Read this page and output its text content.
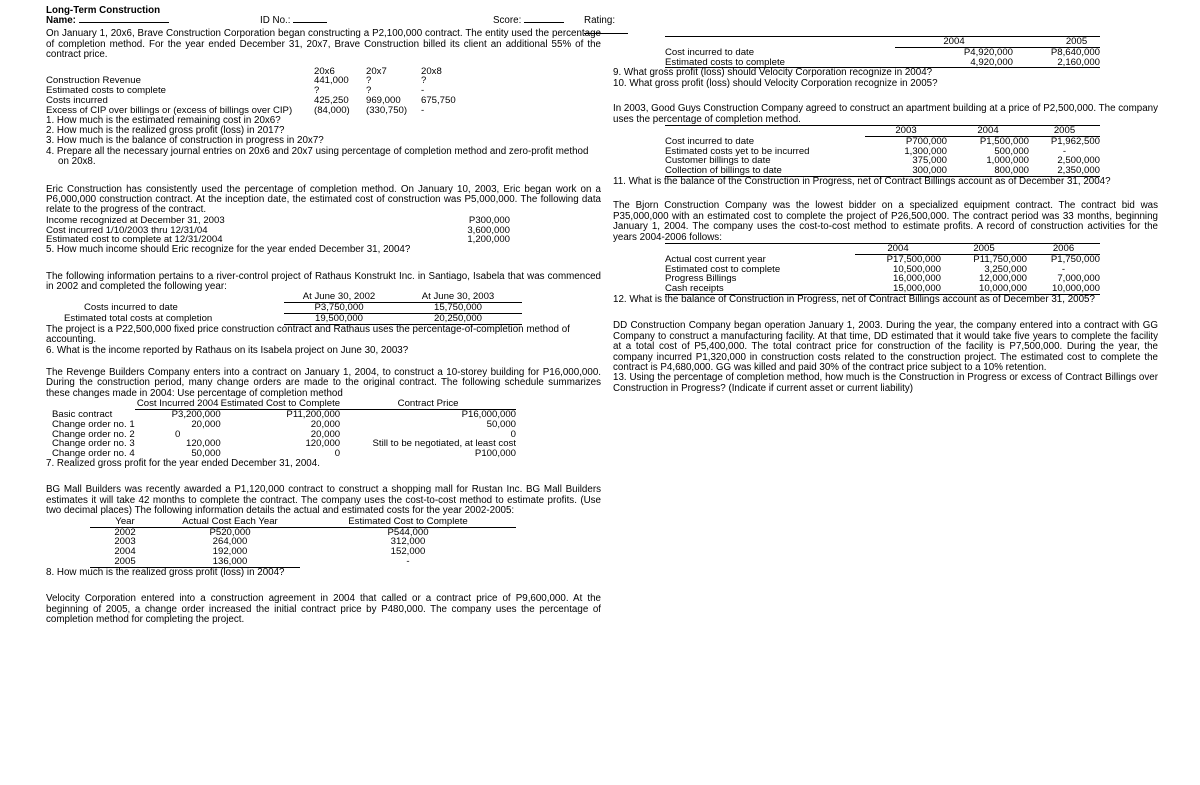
Long-Term Construction
Name:	ID No.:	Score:	Rating:

On January 1, 20x6, Brave Construction Corporation began constructing a P2,100,000 contract. The entity used the percentage of completion method. For the year ended December 31, 20x7, Brave Construction billed its client an additional 55% of the contract price.

	20x6	20x7	20x8
Construction Revenue	441,000	?	?
Estimated costs to complete	?	?	-
Costs incurred	425,250	969,000	675,750
Excess of CIP over billings or (excess of billings over CIP)	(84,000)	(330,750)	-

1. How much is the estimated remaining cost in 20x6?

2. How much is the realized gross profit (loss) in 2017?

3. How much is the balance of construction in progress in 20x7?

4. Prepare all the necessary journal entries on 20x6 and 20x7 using percentage of completion method and zero-profit method

on 20x8.

Eric Construction has consistently used the percentage of completion method. On January 10, 2003, Eric began work on a P6,000,000 construction contract. At the inception date, the estimated cost of construction was P5,000,000. The following data relate to the progress of the contract.

Income recognized at December 31, 2003	P300,000
Cost incurred 1/10/2003 thru 12/31/04	3,600,000
Estimated cost to complete at 12/31/2004	1,200,000

5. How much income should Eric recognize for the year ended December 31, 2004?

The following information pertains to a river-control project of Rathaus Konstrukt Inc. in Santiago, Isabela that was commenced in 2002 and completed the following year:

	At June 30, 2002	At June 30, 2003
Costs incurred to date	P3,750,000	15,750,000
Estimated total costs at completion	19,500,000	20,250,000

The project is a P22,500,000 fixed price construction contract and Rathaus uses the percentage-of-completion method of accounting.

6. What is the income reported by Rathaus on its Isabela project on June 30, 2003?

The Revenge Builders Company enters into a contract on January 1, 2004, to construct a 10-storey building for P16,000,000. During the construction period, many change orders are made to the original contract. The following schedule summarizes these changes made in 2004: Use percentage of completion method

	Cost Incurred 2004	Estimated Cost to Complete	Contract Price
Basic contract	P3,200,000	P11,200,000	P16,000,000
Change order no. 1	20,000	20,000	50,000
Change order no. 2	0	20,000	0
Change order no. 3	120,000	120,000	Still to be negotiated, at least cost
Change order no. 4	50,000	0	P100,000

7. Realized gross profit for the year ended December 31, 2004.

BG Mall Builders was recently awarded a P1,120,000 contract to construct a shopping mall for Rustan Inc. BG Mall Builders estimates it will take 42 months to complete the contract. The company uses the cost-to-cost method to estimate profits. (Use two decimal places) The following information details the actual and estimated costs for the year 2002-2005:

Year	Actual Cost Each Year	Estimated Cost to Complete
2002	P520,000	P544,000
2003	264,000	312,000
2004	192,000	152,000
2005	136,000	-

8. How much is the realized gross profit (loss) in 2004?

Velocity Corporation entered into a construction agreement in 2004 that called or a contract price of P9,600,000. At the beginning of 2005, a change order increased the initial contract price by P480,000. The company uses the percentage of completion method for completing the project.

	2004	2005
Cost incurred to date	P4,920,000	P8,640,000
Estimated costs to complete	4,920,000	2,160,000

9. What gross profit (loss) should Velocity Corporation recognize in 2004?

10. What gross profit (loss) should Velocity Corporation recognize in 2005?

In 2003, Good Guys Construction Company agreed to construct an apartment building at a price of P2,500,000. The company uses the percentage of completion method.

	2003	2004	2005
Cost incurred to date	P700,000	P1,500,000	P1,962,500
Estimated costs yet to be incurred	1,300,000	500,000	-
Customer billings to date	375,000	1,000,000	2,500,000
Collection of billings to date	300,000	800,000	2,350,000

11. What is the balance of the Construction in Progress, net of Contract Billings account as of December 31, 2004?

The Bjorn Construction Company was the lowest bidder on a specialized equipment contract. The contract bid was P35,000,000 with an estimated cost to complete the project of P26,500,000. The contract period was 33 months, beginning January 1, 2004. The company uses the cost-to-cost method to estimate profits. A record of construction activities for the years 2004-2006 follows:

	2004	2005	2006
Actual cost current year	P17,500,000	P11,750,000	P1,750,000
Estimated cost to complete	10,500,000	3,250,000	-
Progress Billings	16,000,000	12,000,000	7,000,000
Cash receipts	15,000,000	10,000,000	10,000,000

12. What is the balance of Construction in Progress, net of Contract Billings account as of December 31, 2005?

DD Construction Company began operation January 1, 2003. During the year, the company entered into a contract with GG Company to construct a manufacturing facility. At that time, DD estimated that it would take five years to complete the facility at a total cost of P5,400,000. The total contract price for construction of the facility is P7,500,000. During the year, the company incurred P1,320,000 in construction costs related to the construction project. The estimated cost to complete the contract is P4,680,000. GG was killed and paid 30% of the contract price subject to a 10% retention.

13. Using the percentage of completion method, how much is the Construction in Progress or excess of Contract Billings over Construction in Progress? (Indicate if current asset or current liability)
